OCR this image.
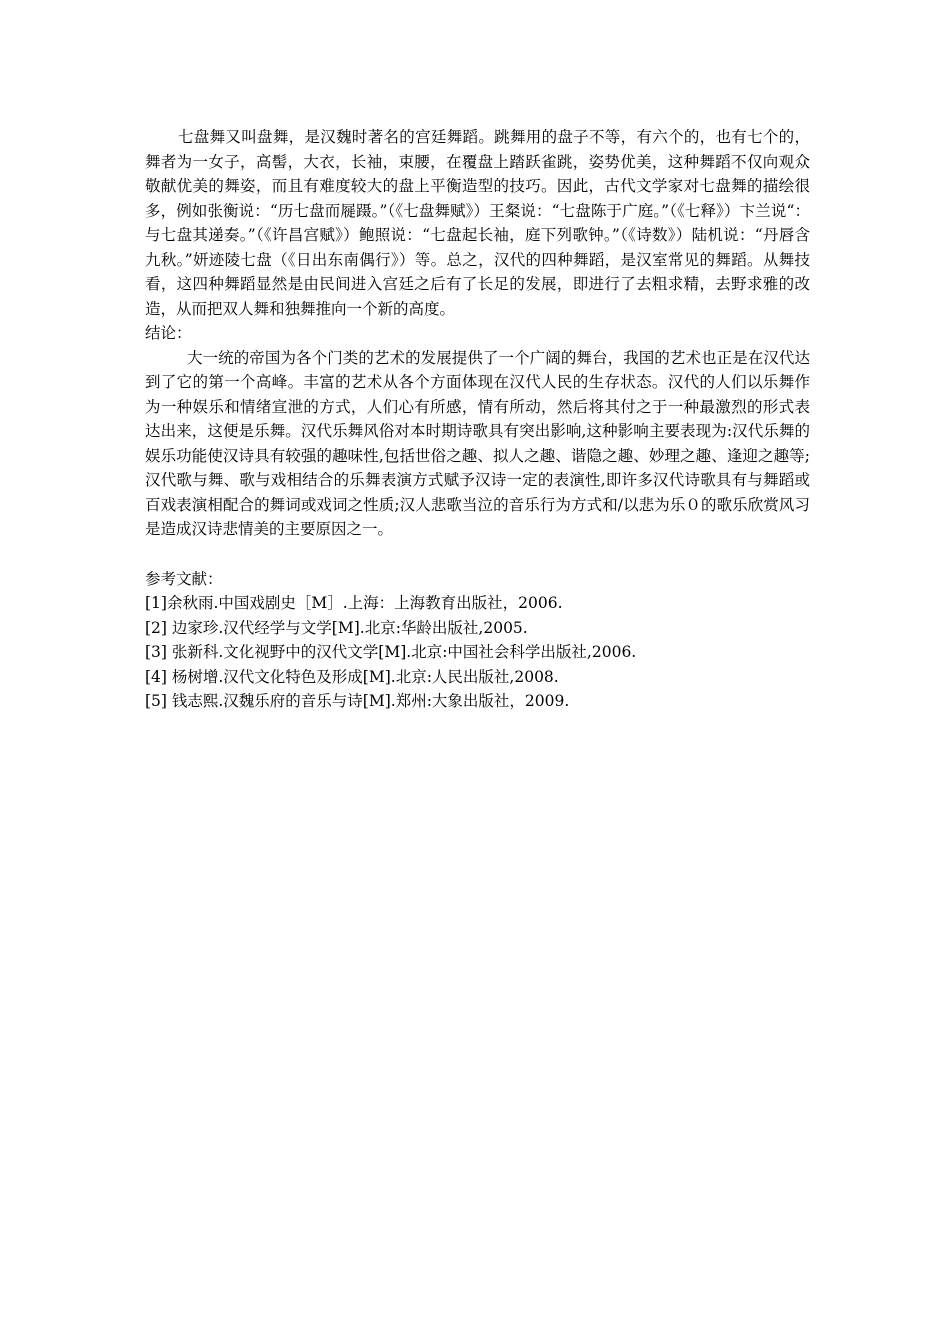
七盘舞又叫盘舞，是汉魏时著名的宫廷舞蹈。跳舞用的盘子不等，有六个的，也有七个的，舞者为一女子，高髻，大衣，长袖，束腰，在覆盘上踏跃雀跳，姿势优美，这种舞蹈不仅向观众敬献优美的舞姿，而且有难度较大的盘上平衡造型的技巧。因此，古代文学家对七盘舞的描绘很多，例如张衡说：“历七盘而屣蹑。”（《七盘舞赋》）王粲说：“七盘陈于广庭。”（《七释》）卞兰说“：与七盘其递奏。”（《许昌宫赋》）鲍照说：“七盘起长袖，庭下列歌钟。”（《诗数》）陆机说：“丹唇含九秋。”妍迹陵七盘（《日出东南偶行》）等。总之，汉代的四种舞蹈，是汉室常见的舞蹈。从舞技看，这四种舞蹈显然是由民间进入宫廷之后有了长足的发展，即进行了去粗求精，去野求雅的改造，从而把双人舞和独舞推向一个新的高度。

结论：

大一统的帝国为各个门类的艺术的发展提供了一个广阔的舞台，我国的艺术也正是在汉代达到了它的第一个高峰。丰富的艺术从各个方面体现在汉代人民的生存状态。汉代的人们以乐舞作为一种娱乐和情绪宣泄的方式，人们心有所感，情有所动，然后将其付之于一种最激烈的形式表达出来，这便是乐舞。汉代乐舞风俗对本时期诗歌具有突出影响,这种影响主要表现为:汉代乐舞的娱乐功能使汉诗具有较强的趣味性,包括世俗之趣、拟人之趣、谐隐之趣、妙理之趣、逢迎之趣等;汉代歌与舞、歌与戏相结合的乐舞表演方式赋予汉诗一定的表演性,即许多汉代诗歌具有与舞蹈或百戏表演相配合的舞词或戏词之性质;汉人悲歌当泣的音乐行为方式和/以悲为乐０的歌乐欣赏风习是造成汉诗悲情美的主要原因之一。

参考文献：

[1]余秋雨.中国戏剧史［M］.上海：上海教育出版社，2006.
[2] 边家珍.汉代经学与文学[M].北京:华龄出版社,2005.
[3] 张新科.文化视野中的汉代文学[M].北京:中国社会科学出版社,2006.
[4] 杨树增.汉代文化特色及形成[M].北京:人民出版社,2008.
[5] 钱志熙.汉魏乐府的音乐与诗[M].郑州:大象出版社，2009.
